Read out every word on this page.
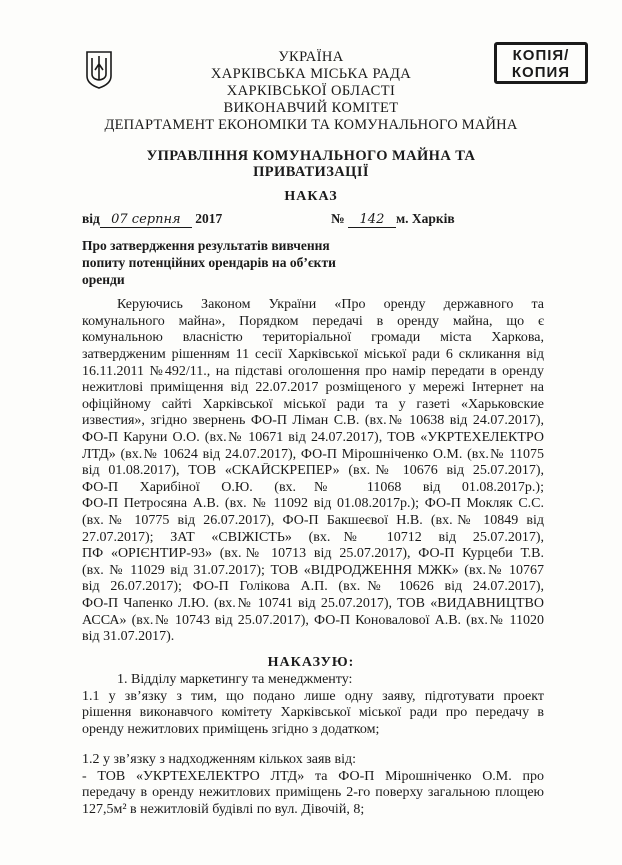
УКРАЇНА
ХАРКІВСЬКА МІСЬКА РАДА
ХАРКІВСЬКОЇ ОБЛАСТІ
ВИКОНАВЧИЙ КОМІТЕТ
ДЕПАРТАМЕНТ ЕКОНОМІКИ ТА КОМУНАЛЬНОГО МАЙНА
КОПІЯ/
КОПИЯ
УПРАВЛІННЯ КОМУНАЛЬНОГО МАЙНА ТА
ПРИВАТИЗАЦІЇ
НАКАЗ
від 07 серпня 2017	№ 142 м. Харків
Про затвердження результатів вивчення
попиту потенційних орендарів на об’єкти
оренди
Керуючись Законом України «Про оренду державного та
комунального майна», Порядком передачі в оренду майна, що є
комунальною власністю територіальної громади міста Харкова,
затвердженим рішенням 11 сесії Харківської міської ради 6 скликання від
16.11.2011 №492/11., на підставі оголошення про намір передати в оренду
нежитлові приміщення від 22.07.2017 розміщеного у мережі Інтернет на
офіційному сайті Харківської міської ради та у газеті «Харьковские
известия», згідно звернень ФО-П Ліман С.В. (вх.№ 10638 від 24.07.2017),
ФО-П Каруни О.О. (вх.№ 10671 від 24.07.2017), ТОВ «УКРТЕХЕЛЕКТРО
ЛТД» (вх.№ 10624 від 24.07.2017), ФО-П Мірошніченко О.М. (вх.№ 11075
від 01.08.2017), ТОВ «СКАЙСКРЕПЕР» (вх.№ 10676 від 25.07.2017),
ФО-П Харибіної О.Ю. (вх.№ 11068 від 01.08.2017р.);
ФО-П Петросяна А.В. (вх. № 11092 від 01.08.2017р.); ФО-П Мокляк С.С.
(вх.№ 10775 від 26.07.2017), ФО-П Бакшеєвої Н.В. (вх.№ 10849 від
27.07.2017); ЗАТ «СВІЖІСТЬ» (вх.№ 10712 від 25.07.2017),
ПФ «ОРІЄНТИР-93» (вх.№ 10713 від 25.07.2017), ФО-П Курцеби Т.В.
(вх. № 11029 від 31.07.2017); ТОВ «ВІДРОДЖЕННЯ МЖК» (вх.№ 10767
від 26.07.2017); ФО-П Голікова А.П. (вх.№ 10626 від 24.07.2017),
ФО-П Чапенко Л.Ю. (вх.№ 10741 від 25.07.2017), ТОВ «ВИДАВНИЦТВО
АССА» (вх.№ 10743 від 25.07.2017), ФО-П Коновалової А.В. (вх.№ 11020
від 31.07.2017).
НАКАЗУЮ:
1. Відділу маркетингу та менеджменту:
1.1 у зв’язку з тим, що подано лише одну заяву, підготувати проект
рішення виконавчого комітету Харківської міської ради про передачу в
оренду нежитлових приміщень згідно з додатком;
1.2 у зв’язку з надходженням кількох заяв від:
- ТОВ «УКРТЕХЕЛЕКТРО ЛТД» та ФО-П Мірошніченко О.М. про
передачу в оренду нежитлових приміщень 2-го поверху загальною площею
127,5м² в нежитловій будівлі по вул. Дівочій, 8;
